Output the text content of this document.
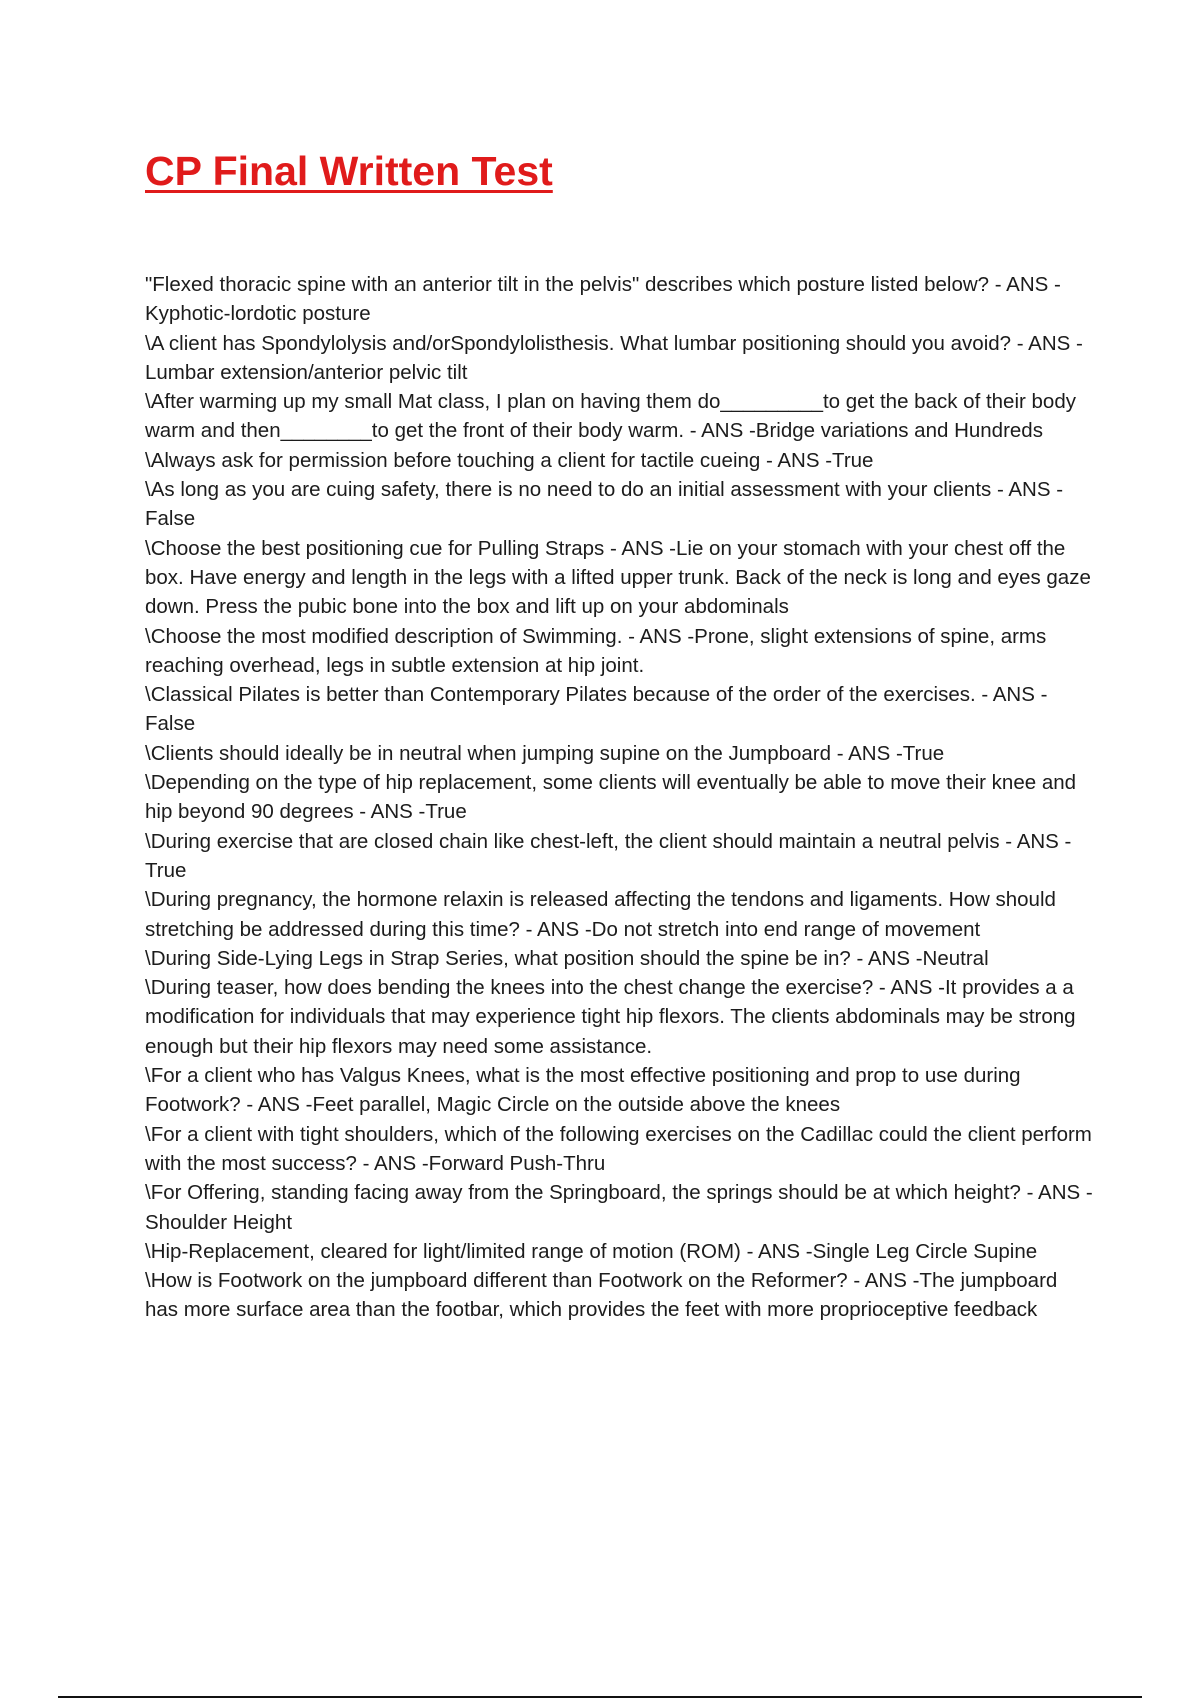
CP Final Written Test
"Flexed thoracic spine with an anterior tilt in the pelvis" describes which posture listed below? - ANS -Kyphotic-lordotic posture
\A client has Spondylolysis and/orSpondylolisthesis. What lumbar positioning should you avoid? - ANS -Lumbar extension/anterior pelvic tilt
\After warming up my small Mat class, I plan on having them do_________to get the back of their body warm and then________to get the front of their body warm. - ANS -Bridge variations and Hundreds
\Always ask for permission before touching a client for tactile cueing - ANS -True
\As long as you are cuing safety, there is no need to do an initial assessment with your clients - ANS -False
\Choose the best positioning cue for Pulling Straps - ANS -Lie on your stomach with your chest off the box. Have energy and length in the legs with a lifted upper trunk. Back of the neck is long and eyes gaze down. Press the pubic bone into the box and lift up on your abdominals
\Choose the most modified description of Swimming. - ANS -Prone, slight extensions of spine, arms reaching overhead, legs in subtle extension at hip joint.
\Classical Pilates is better than Contemporary Pilates because of the order of the exercises. - ANS -False
\Clients should ideally be in neutral when jumping supine on the Jumpboard - ANS -True
\Depending on the type of hip replacement, some clients will eventually be able to move their knee and hip beyond 90 degrees - ANS -True
\During exercise that are closed chain like chest-left, the client should maintain a neutral pelvis - ANS -True
\During pregnancy, the hormone relaxin is released affecting the tendons and ligaments. How should stretching be addressed during this time? - ANS -Do not stretch into end range of movement
\During Side-Lying Legs in Strap Series, what position should the spine be in? - ANS -Neutral
\During teaser, how does bending the knees into the chest change the exercise? - ANS -It provides a a modification for individuals that may experience tight hip flexors. The clients abdominals may be strong enough but their hip flexors may need some assistance.
\For a client who has Valgus Knees, what is the most effective positioning and prop to use during Footwork? - ANS -Feet parallel, Magic Circle on the outside above the knees
\For a client with tight shoulders, which of the following exercises on the Cadillac could the client perform with the most success? - ANS -Forward Push-Thru
\For Offering, standing facing away from the Springboard, the springs should be at which height? - ANS -Shoulder Height
\Hip-Replacement, cleared for light/limited range of motion (ROM) - ANS -Single Leg Circle Supine
\How is Footwork on the jumpboard different than Footwork on the Reformer? - ANS -The jumpboard has more surface area than the footbar, which provides the feet with more proprioceptive feedback
